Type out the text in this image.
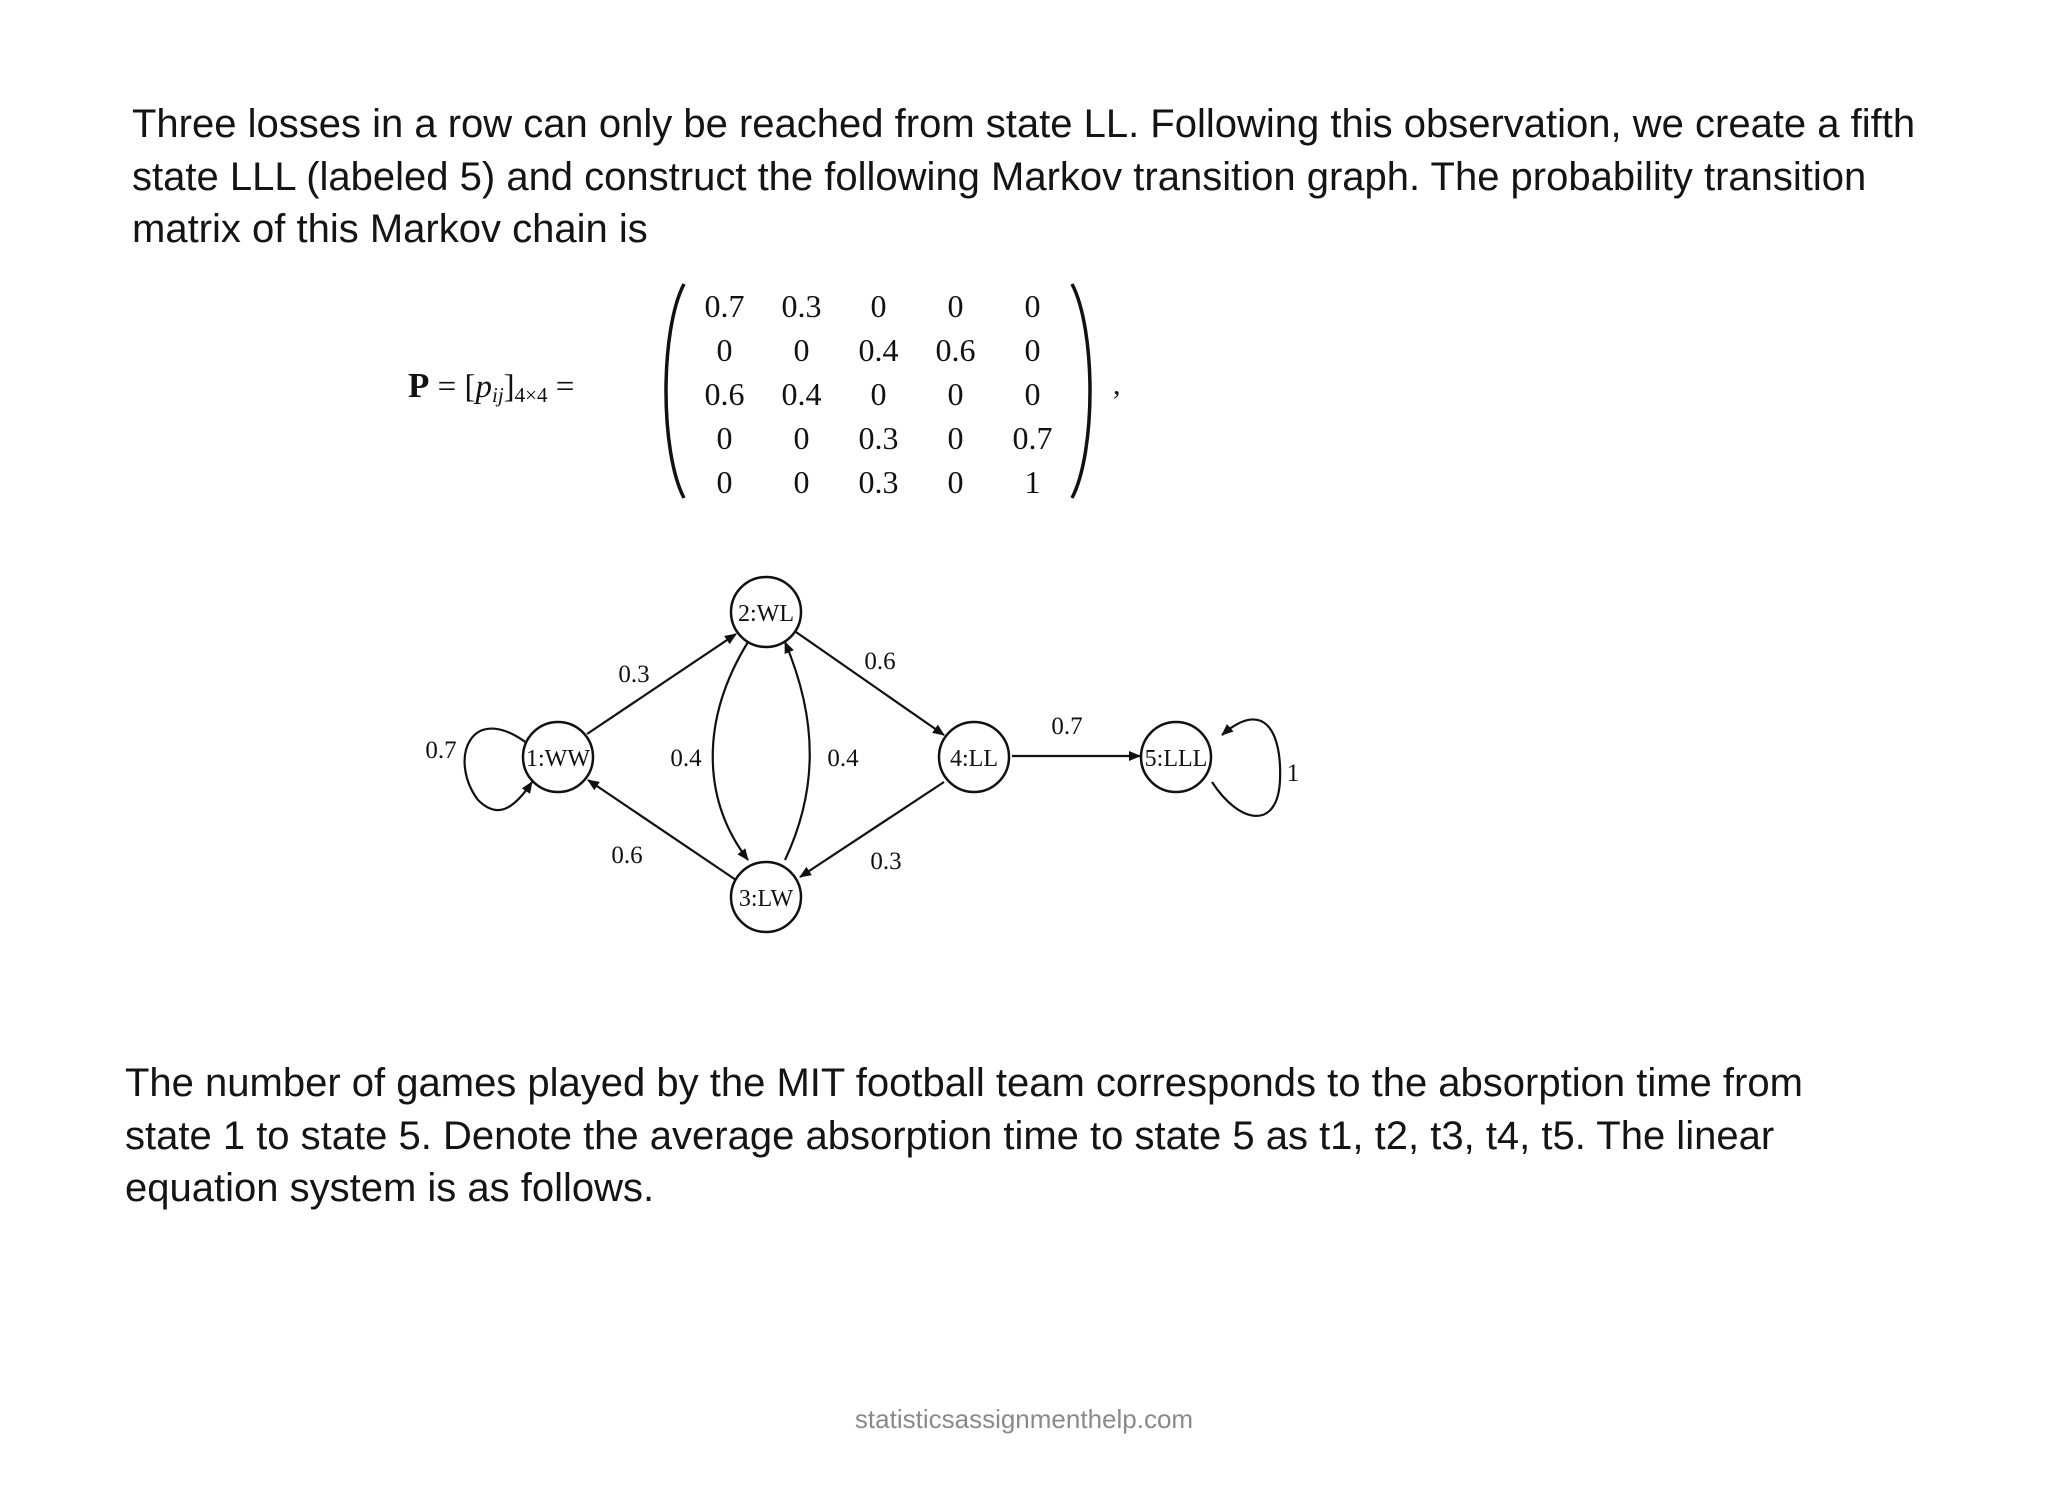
Three losses in a row can only be reached from state LL. Following this observation, we create a fifth
state LLL (labeled 5) and construct the following Markov transition graph. The probability transition
matrix of this Markov chain is

$P = [p_{ij}]_{4\times 4}$ =
0.7	0.3	0	0	0
0	0	0.4	0.6	0
0.6	0.4	0	0	0
0	0	0.3	0	0.7
0	0	0.3	0	1
,
1:WW
2:WL
3:LW
4:LL	5:LLL
0.7
0.3
0.6
0.4	0.4
0.6
0.3
0.7
1

The number of games played by the MIT football team corresponds to the absorption time from
state 1 to state 5. Denote the average absorption time to state 5 as t1, t2, t3, t4, t5. The linear
equation system is as follows.

statisticsassignmenthelp.com
